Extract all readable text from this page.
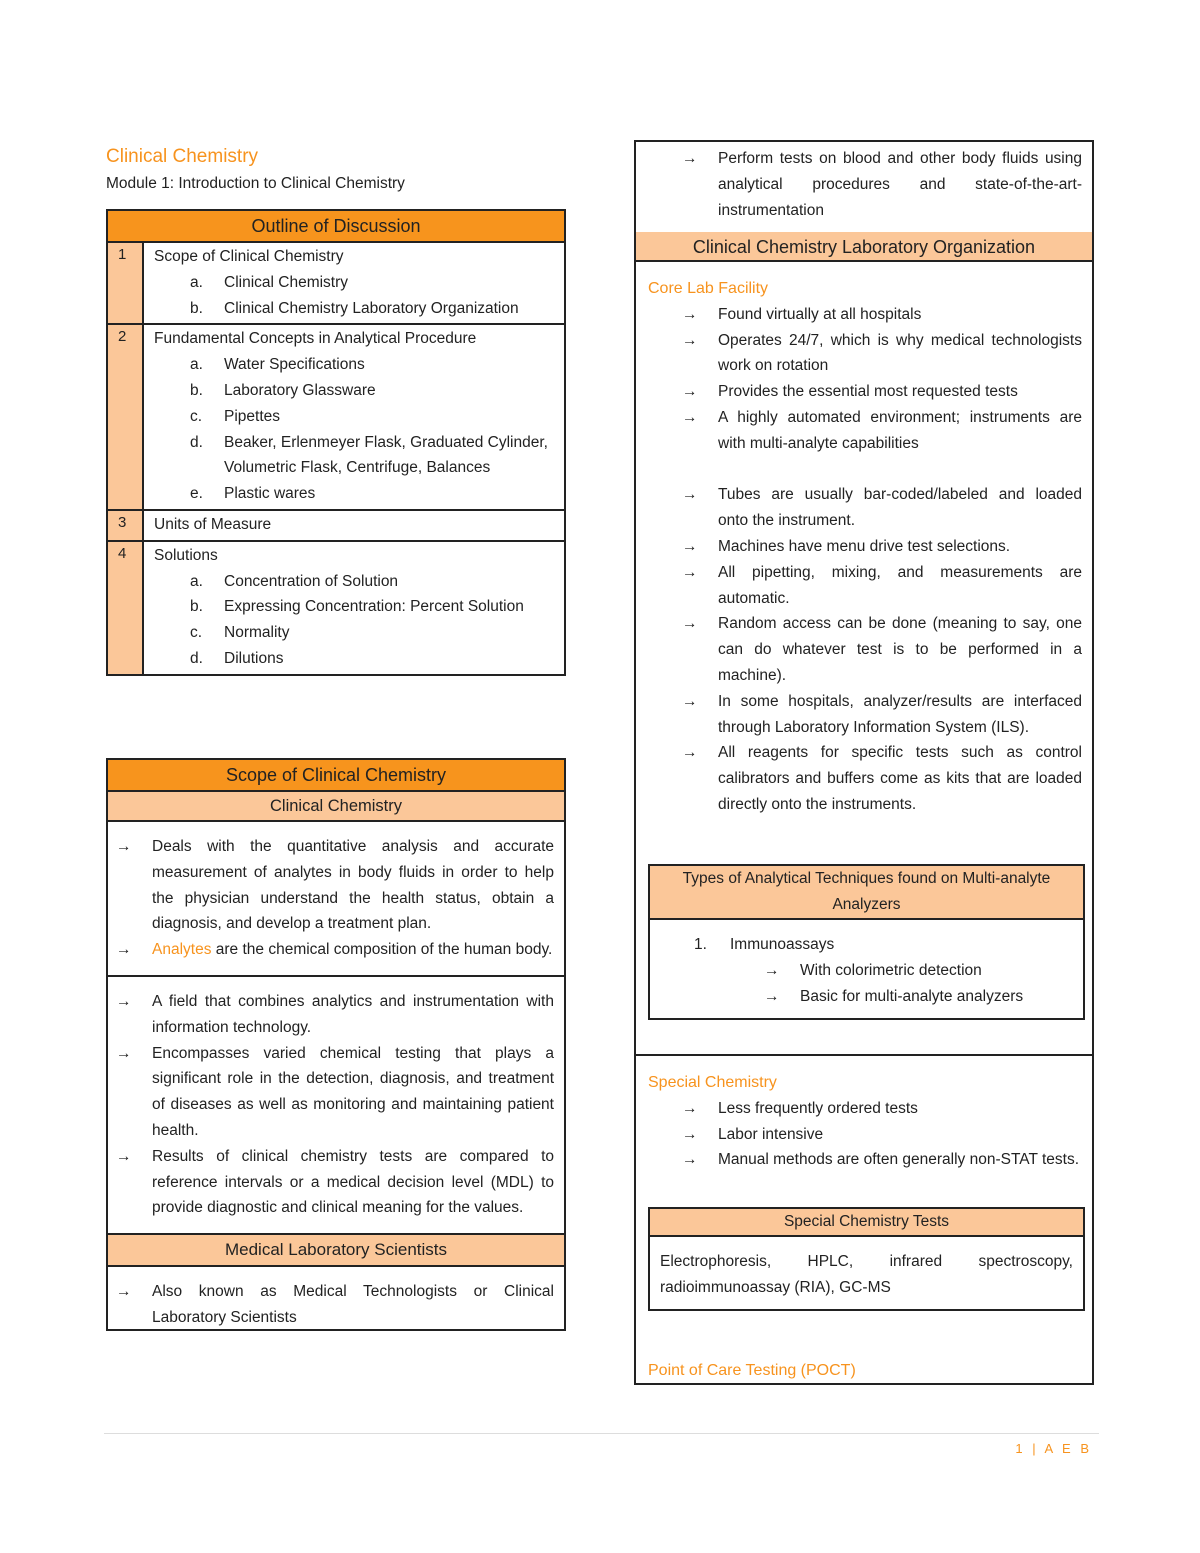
Clinical Chemistry
Module 1: Introduction to Clinical Chemistry
Outline of Discussion
1	Scope of Clinical Chemistry
a.	Clinical Chemistry
b.	Clinical Chemistry Laboratory Organization
2	Fundamental Concepts in Analytical Procedure
a.	Water Specifications
b.	Laboratory Glassware
c.	Pipettes
d.	Beaker, Erlenmeyer Flask, Graduated Cylinder, Volumetric Flask, Centrifuge, Balances
e.	Plastic wares
3	Units of Measure
4	Solutions
a.	Concentration of Solution
b.	Expressing Concentration: Percent Solution
c.	Normality
d.	Dilutions
Scope of Clinical Chemistry
Clinical Chemistry
→ Deals with the quantitative analysis and accurate measurement of analytes in body fluids in order to help the physician understand the health status, obtain a diagnosis, and develop a treatment plan.
→ Analytes are the chemical composition of the human body.
→ A field that combines analytics and instrumentation with information technology.
→ Encompasses varied chemical testing that plays a significant role in the detection, diagnosis, and treatment of diseases as well as monitoring and maintaining patient health.
→ Results of clinical chemistry tests are compared to reference intervals or a medical decision level (MDL) to provide diagnostic and clinical meaning for the values.
Medical Laboratory Scientists
→ Also known as Medical Technologists or Clinical Laboratory Scientists
→ Perform tests on blood and other body fluids using analytical procedures and state-of-the-art-instrumentation
Clinical Chemistry Laboratory Organization
Core Lab Facility
→ Found virtually at all hospitals
→ Operates 24/7, which is why medical technologists work on rotation
→ Provides the essential most requested tests
→ A highly automated environment; instruments are with multi-analyte capabilities
→ Tubes are usually bar-coded/labeled and loaded onto the instrument.
→ Machines have menu drive test selections.
→ All pipetting, mixing, and measurements are automatic.
→ Random access can be done (meaning to say, one can do whatever test is to be performed in a machine).
→ In some hospitals, analyzer/results are interfaced through Laboratory Information System (ILS).
→ All reagents for specific tests such as control calibrators and buffers come as kits that are loaded directly onto the instruments.
Types of Analytical Techniques found on Multi-analyte Analyzers
1.	Immunoassays
→ With colorimetric detection
→ Basic for multi-analyte analyzers
Special Chemistry
→ Less frequently ordered tests
→ Labor intensive
→ Manual methods are often generally non-STAT tests.
Special Chemistry Tests
Electrophoresis, HPLC, infrared spectroscopy, radioimmunoassay (RIA), GC-MS
Point of Care Testing (POCT)
1 | A E B
